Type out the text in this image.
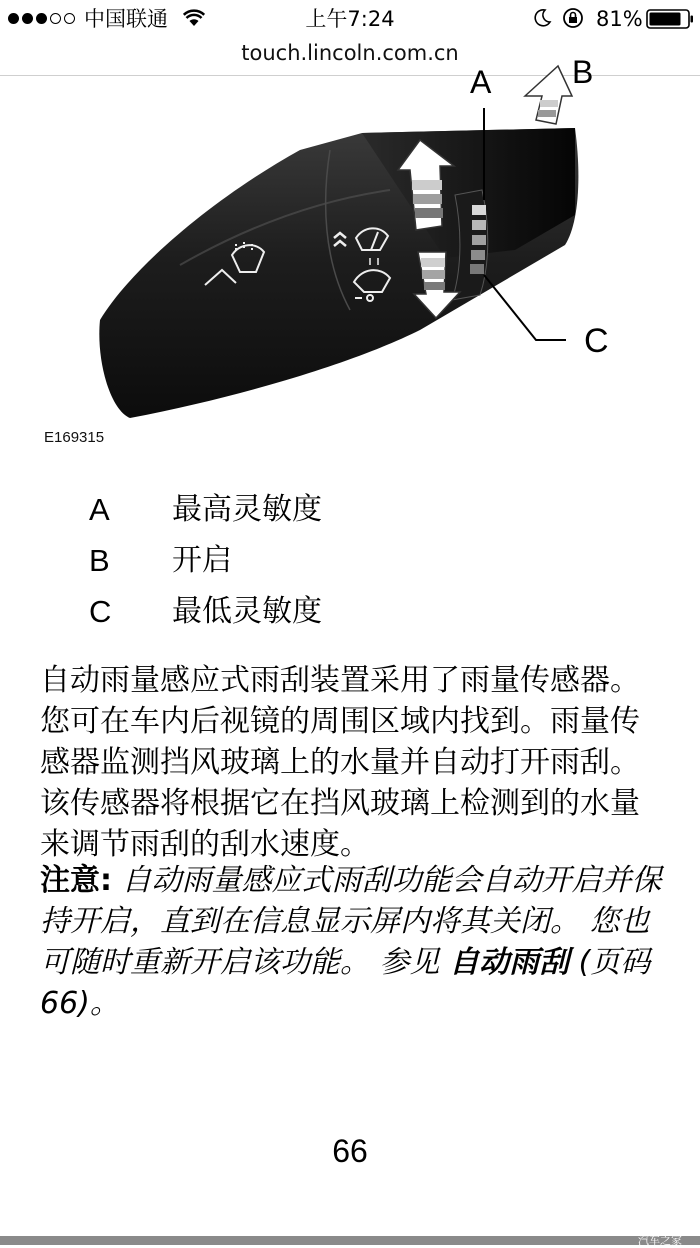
中国联通	上午7:24	81%
touch.lincoln.com.cn
A	B
C
E169315
A 最高灵敏度
B 开启
C 最低灵敏度

自动雨量感应式雨刮装置采用了雨量传感器。您可在车内后视镜的周围区域内找到。雨量传感器监测挡风玻璃上的水量并自动打开雨刮。该传感器将根据它在挡风玻璃上检测到的水量来调节雨刮的刮水速度。

注意: 自动雨量感应式雨刮功能会自动开启并保持开启，直到在信息显示屏内将其关闭。 您也可随时重新开启该功能。 参见 自动雨刮 (页码 66)。

66
汽车之家
